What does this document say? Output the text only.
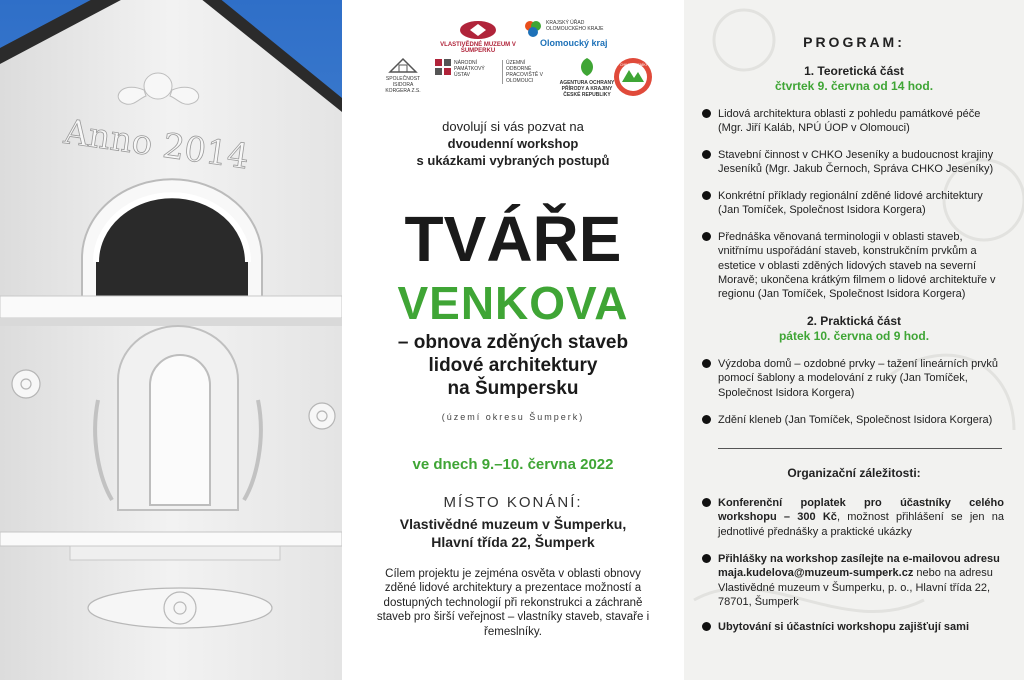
Anno 2014
VLASTIVĚDNÉ MUZEUM V ŠUMPERKU
KRAJSKÝ ÚŘAD OLOMOUCKÉHO KRAJE
Olomoucký kraj
SPOLEČNOST ISIDORA KORGERA Z.S.
NÁRODNÍ PAMÁTKOVÝ ÚSTAV
ÚZEMNÍ ODBORNÉ PRACOVIŠTĚ V OLOMOUCI	AGENTURA OCHRANY PŘÍRODY A KRAJINY ČESKÉ REPUBLIKY
CHKO JESENÍKY
dovolují si vás pozvat na
dvoudenní workshop
s ukázkami vybraných postupů
TVÁŘE
VENKOVA
– obnova zděných staveb
lidové architektury
na Šumpersku
(území okresu Šumperk)
ve dnech 9.–10. června 2022
MÍSTO KONÁNÍ:
Vlastivědné muzeum v Šumperku,
Hlavní třída 22, Šumperk
Cílem projektu je zejména osvěta v oblasti obnovy zděné lidové architektury a prezentace možností a dostupných technologií při rekonstrukci a záchraně staveb pro širší veřejnost – vlastníky staveb, stavaře i řemeslníky.
PROGRAM:
1. Teoretická část
čtvrtek 9. června od 14 hod.
Lidová architektura oblasti z pohledu památkové péče (Mgr. Jiří Kaláb, NPÚ ÚOP v Olomouci)
Stavební činnost v CHKO Jeseníky a budoucnost krajiny Jeseníků (Mgr. Jakub Černoch, Správa CHKO Jeseníky)
Konkrétní příklady regionální zděné lidové architektury (Jan Tomíček, Společnost Isidora Korgera)
Přednáška věnovaná terminologii v oblasti staveb, vnitřnímu uspořádání staveb, konstrukčním prvkům a estetice v oblasti zděných lidových staveb na severní Moravě; ukončena krátkým filmem o lidové architektuře v regionu (Jan Tomíček, Společnost Isidora Korgera)
2. Praktická část
pátek 10. června od 9 hod.
Výzdoba domů – ozdobné prvky – tažení lineárních prvků pomocí šablony a modelování z ruky (Jan Tomíček, Společnost Isidora Korgera)
Zdění kleneb (Jan Tomíček, Společnost Isidora Korgera)
Organizační záležitosti:
Konferenční poplatek pro účastníky celého workshopu – 300 Kč, možnost přihlášení se jen na jednotlivé přednášky a praktické ukázky
Přihlášky na workshop zasílejte na e-mailovou adresu maja.kudelova@muzeum-sumperk.cz nebo na adresu Vlastivědné muzeum v Šumperku, p. o., Hlavní třída 22, 78701, Šumperk
Ubytování si účastníci workshopu zajišťují sami
